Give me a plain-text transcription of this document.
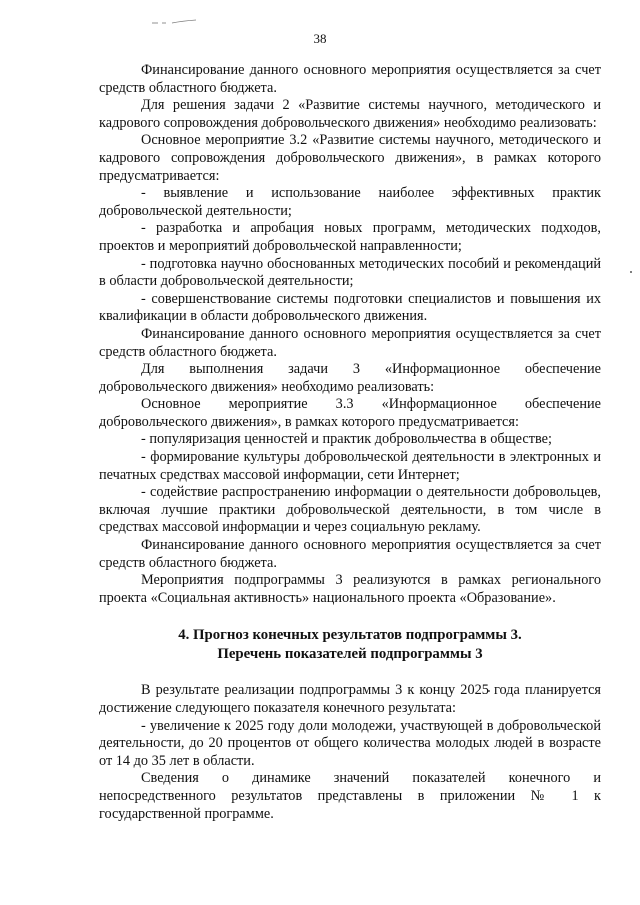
38

Финансирование данного основного мероприятия осуществляется за счет средств областного бюджета.

Для решения задачи 2 «Развитие системы научного, методического и кадрового сопровождения добровольческого движения» необходимо реализовать:

Основное мероприятие 3.2 «Развитие системы научного, методического и кадрового сопровождения добровольческого движения», в рамках которого предусматривается:

- выявление и использование наиболее эффективных практик добровольческой деятельности;

- разработка и апробация новых программ, методических подходов, проектов и мероприятий добровольческой направленности;

- подготовка научно обоснованных методических пособий и рекомендаций в области добровольческой деятельности;

- совершенствование системы подготовки специалистов и повышения их квалификации в области добровольческого движения.

Финансирование данного основного мероприятия осуществляется за счет средств областного бюджета.

Для выполнения задачи 3 «Информационное обеспечение добровольческого движения» необходимо реализовать:

Основное мероприятие 3.3 «Информационное обеспечение добровольческого движения», в рамках которого предусматривается:

- популяризация ценностей и практик добровольчества в обществе;

- формирование культуры добровольческой деятельности в электронных и печатных средствах массовой информации, сети Интернет;

- содействие распространению информации о деятельности добровольцев, включая лучшие практики добровольческой деятельности, в том числе в средствах массовой информации и через социальную рекламу.

Финансирование данного основного мероприятия осуществляется за счет средств областного бюджета.

Мероприятия подпрограммы 3 реализуются в рамках регионального проекта «Социальная активность» национального проекта «Образование».

4. Прогноз конечных результатов подпрограммы 3.

Перечень показателей подпрограммы 3

В результате реализации подпрограммы 3 к концу 2025 года планируется достижение следующего показателя конечного результата:

- увеличение к 2025 году доли молодежи, участвующей в добровольческой деятельности, до 20 процентов от общего количества молодых людей в возрасте от 14 до 35 лет в области.

Сведения о динамике значений показателей конечного и непосредственного результатов представлены в приложении № 1 к государственной программе.
